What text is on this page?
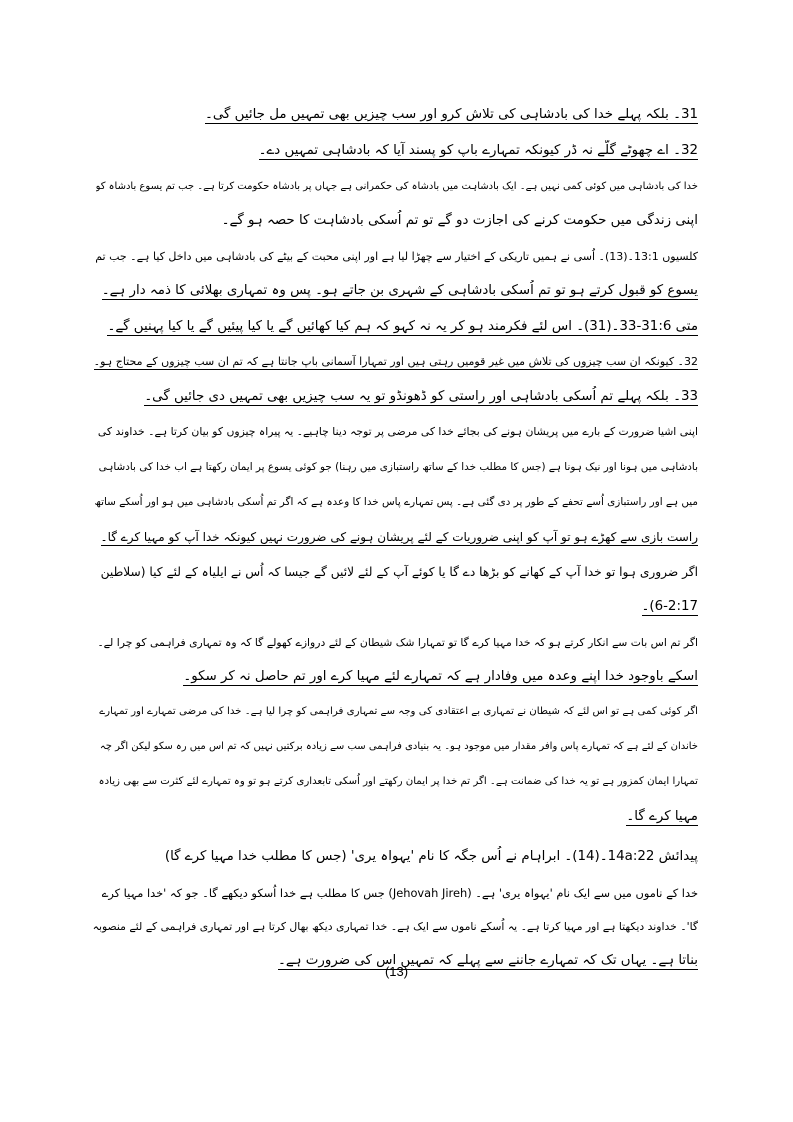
31۔ بلکہ پہلے خدا کی بادشاہی کی تلاش کرو اور سب چیزیں بھی تمہیں مل جائیں گی۔
32۔ اے چھوٹے گلّے نہ ڈر کیونکہ تمہارے باپ کو پسند آیا کہ بادشاہی تمہیں دے۔
خدا کی بادشاہی میں کوئی کمی نہیں ہے۔ ایک بادشاہت میں بادشاہ کی حکمرانی ہے جہاں پر بادشاہ حکومت کرتا ہے۔ جب تم یسوع بادشاہ کو
اپنی زندگی میں حکومت کرنے کی اجازت دو گے تو تم اُسکی بادشاہت کا حصہ ہو گے۔
کلسیوں 13:1۔(13)۔ اُسی نے ہمیں تاریکی کے اختیار سے چھڑا لیا ہے اور اپنی محبت کے بیٹے کی بادشاہی میں داخل کیا ہے۔ جب تم
یسوع کو قبول کرتے ہو تو تم اُسکی بادشاہی کے شہری بن جاتے ہو۔ پس وہ تمہاری بھلائی کا ذمہ دار ہے۔
متی 31:6-33۔(31)۔ اس لئے فکرمند ہو کر یہ نہ کہو کہ ہم کیا کھائیں گے یا کیا پیئیں گے یا کیا پہنیں گے۔
32۔ کیونکہ ان سب چیزوں کی تلاش میں غیر قومیں رہتی ہیں اور تمہارا آسمانی باپ جانتا ہے کہ تم ان سب چیزوں کے محتاج ہو۔
33۔ بلکہ پہلے تم اُسکی بادشاہی اور راستی کو ڈھونڈو تو یہ سب چیزیں بھی تمہیں دی جائیں گی۔
اپنی اشیا ضرورت کے بارے میں پریشان ہونے کی بجائے خدا کی مرضی پر توجہ دینا چاہیے۔ یہ پیراہ چیزوں کو بیان کرتا ہے۔ خداوند کی
بادشاہی میں ہونا اور نیک ہونا ہے (جس کا مطلب خدا کے ساتھ راستبازی میں رہنا) جو کوئی یسوع پر ایمان رکھتا ہے اب خدا کی بادشاہی
میں ہے اور راستبازی اُسے تحفے کے طور پر دی گئی ہے۔ پس تمہارے پاس خدا کا وعدہ ہے کہ اگر تم اُسکی بادشاہی میں ہو اور اُسکے ساتھ
راست بازی سے کھڑے ہو تو آپ کو اپنی ضروریات کے لئے پریشان ہونے کی ضرورت نہیں کیونکہ خدا آپ کو مہیا کرے گا۔
اگر ضروری ہوا تو خدا آپ کے کھانے کو بڑھا دے گا یا کوئے آپ کے لئے لائیں گے جیسا کہ اُس نے ایلیاہ کے لئے کیا (سلاطین
6-2:17)۔
اگر تم اس بات سے انکار کرتے ہو کہ خدا مہیا کرے گا تو تمہارا شک شیطان کے لئے دروازے کھولے گا کہ وہ تمہاری فراہمی کو چرا لے۔
اسکے باوجود خدا اپنے وعدہ میں وفادار ہے کہ تمہارے لئے مہیا کرے اور تم حاصل نہ کر سکو۔
اگر کوئی کمی ہے تو اس لئے کہ شیطان نے تمہاری بے اعتقادی کی وجہ سے تمہاری فراہمی کو چرا لیا ہے۔ خدا کی مرضی تمہارے اور تمہارے
خاندان کے لئے ہے کہ تمہارے پاس وافر مقدار میں موجود ہو۔ یہ بنیادی فراہمی سب سے زیادہ برکتیں نہیں کہ تم اس میں رہ سکو لیکن اگر چہ
تمہارا ایمان کمزور ہے تو یہ خدا کی ضمانت ہے۔ اگر تم خدا پر ایمان رکھتے اور اُسکی تابعداری کرتے ہو تو وہ تمہارے لئے کثرت سے بھی زیادہ
مہیا کرے گا۔
پیدائش 14a:22۔(14)۔ ابراہام نے اُس جگہ کا نام 'یہواہ یری' (جس کا مطلب خدا مہیا کرے گا)
خدا کے ناموں میں سے ایک نام 'یہواہ یری' ہے۔ (Jehovah Jireh) جس کا مطلب ہے خدا اُسکو دیکھے گا۔ جو کہ 'خدا مہیا کرے
گا'۔ خداوند دیکھتا ہے اور مہیا کرتا ہے۔ یہ اُسکے ناموں سے ایک ہے۔ خدا تمہاری دیکھ بھال کرتا ہے اور تمہاری فراہمی کے لئے منصوبہ
بناتا ہے۔ یہاں تک کہ تمہارے جاننے سے پہلے کہ تمہیں اس کی ضرورت ہے۔
(13)
